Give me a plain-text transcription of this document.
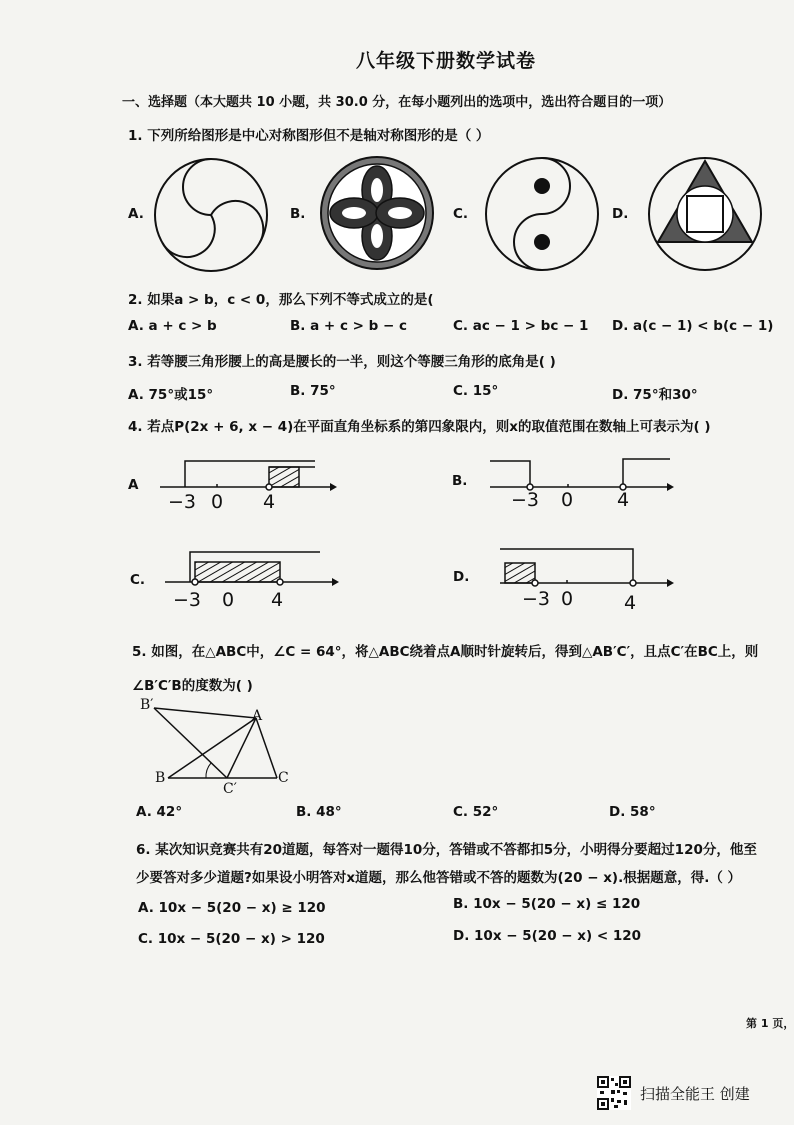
八年级下册数学试卷
一、选择题（本大题共 10 小题，共 30.0 分，在每小题列出的选项中，选出符合题目的一项）
1. 下列所给图形是中心对称图形但不是轴对称图形的是（ ）
A.	B.	C.	D.
2. 如果a > b，c < 0，那么下列不等式成立的是(
A. a + c > b	B. a + c > b − c	C. ac − 1 > bc − 1 D. a(c − 1) < b(c − 1)
3. 若等腰三角形腰上的高是腰长的一半，则这个等腰三角形的底角是( )
A. 75°或15°	B. 75°	C. 15°	D. 75°和30°
4. 若点P(2x + 6, x − 4)在平面直角坐标系的第四象限内，则x的取值范围在数轴上可表示为( )
A	B.
C.	D.
−3 0 4	−3 0 4
−3 0 4	−3 0	4
5. 如图，在△ABC中，∠C = 64°，将△ABC绕着点A顺时针旋转后，得到△AB′C′，且点C′在BC上，则
∠B′C′B的度数为( )
B′
A
B
C′
C
A. 42°	B. 48°	C. 52°	D. 58°
6. 某次知识竞赛共有20道题，每答对一题得10分，答错或不答都扣5分，小明得分要超过120分，他至
少要答对多少道题?如果设小明答对x道题，那么他答错或不答的题数为(20 − x).根据题意，得.（ ）
A. 10x − 5(20 − x) ≥ 120	B. 10x − 5(20 − x) ≤ 120
C. 10x − 5(20 − x) > 120	D. 10x − 5(20 − x) < 120
第 1 页，
扫描全能王 创建
